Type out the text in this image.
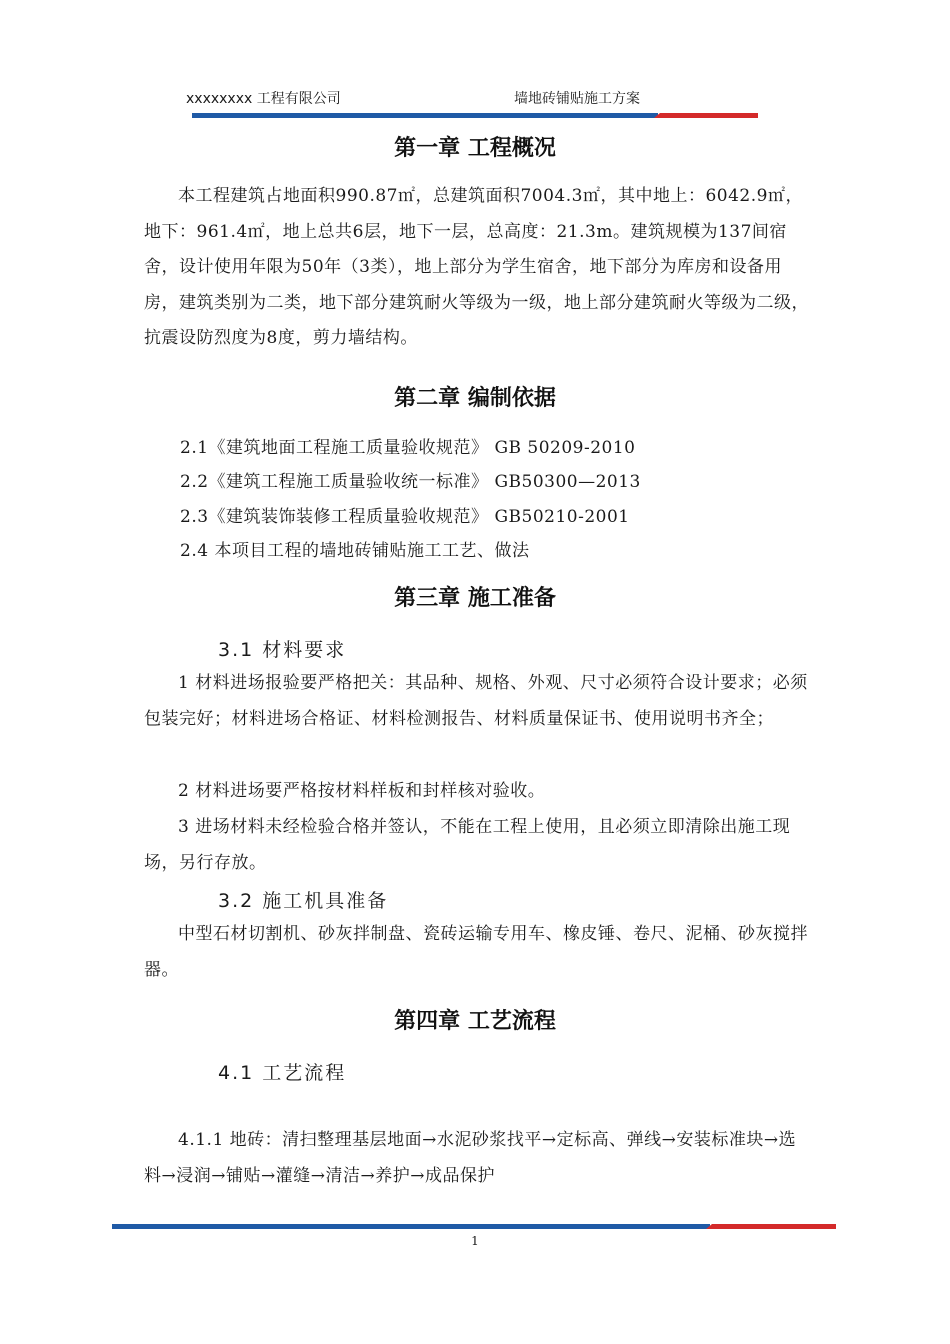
xxxxxxxx 工程有限公司	墙地砖铺贴施工方案
第一章 工程概况

本工程建筑占地面积990.87㎡，总建筑面积7004.3㎡，其中地上：6042.9㎡，地下：961.4㎡，地上总共6层，地下一层，总高度：21.3m。建筑规模为137间宿舍，设计使用年限为50年（3类），地上部分为学生宿舍，地下部分为库房和设备用房，建筑类别为二类，地下部分建筑耐火等级为一级，地上部分建筑耐火等级为二级，抗震设防烈度为8度，剪力墙结构。

第二章 编制依据
2.1《建筑地面工程施工质量验收规范》 GB 50209-2010
2.2《建筑工程施工质量验收统一标准》 GB50300—2013
2.3《建筑装饰装修工程质量验收规范》 GB50210-2001
2.4 本项目工程的墙地砖铺贴施工工艺、做法
第三章 施工准备
3.1 材料要求

1 材料进场报验要严格把关：其品种、规格、外观、尺寸必须符合设计要求；必须包装完好；材料进场合格证、材料检测报告、材料质量保证书、使用说明书齐全；

2 材料进场要严格按材料样板和封样核对验收。

3 进场材料未经检验合格并签认，不能在工程上使用，且必须立即清除出施工现场，另行存放。

3.2 施工机具准备

中型石材切割机、砂灰拌制盘、瓷砖运输专用车、橡皮锤、卷尺、泥桶、砂灰搅拌器。

第四章 工艺流程
4.1 工艺流程

4.1.1 地砖：清扫整理基层地面→水泥砂浆找平→定标高、弹线→安装标准块→选料→浸润→铺贴→灌缝→清洁→养护→成品保护

1
